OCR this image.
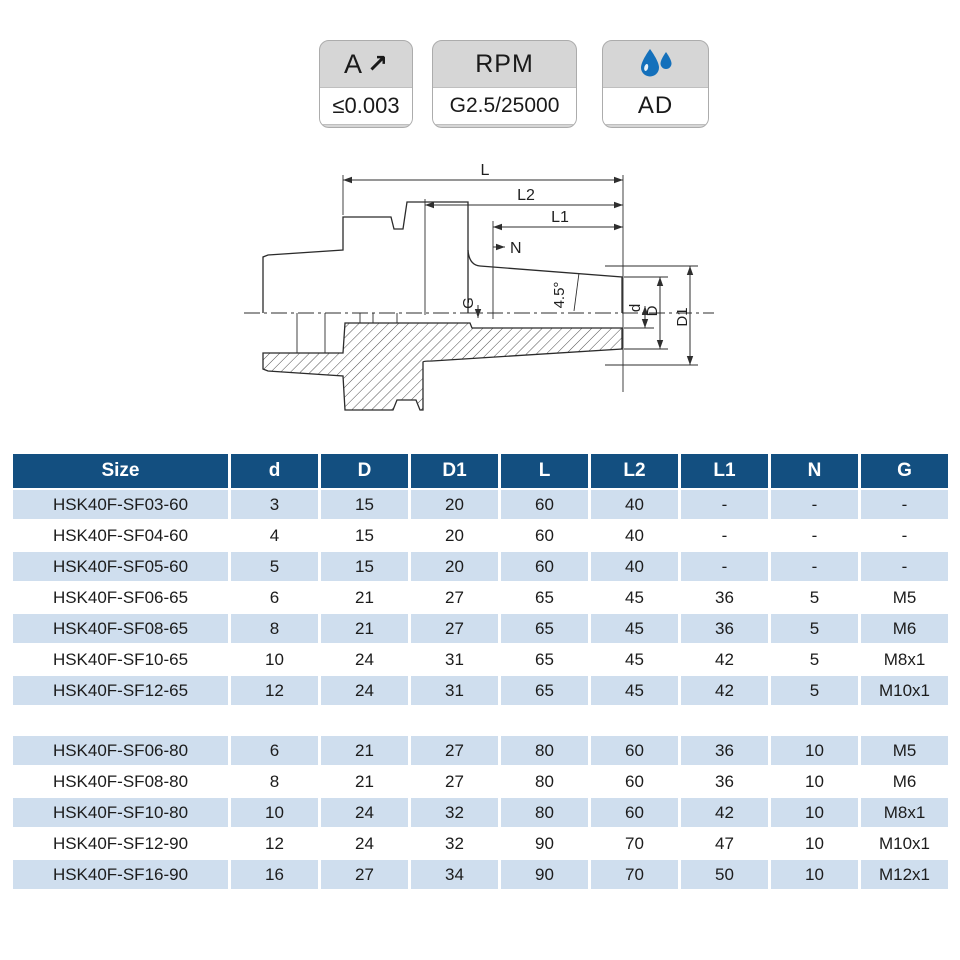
A ↗
≤0.003
RPM
G2.5/25000	AD
L
L2
L1
N
G	4.5°	d D D1
Size	d	D	D1	L	L2	L1	N	G
HSK40F-SF03-60	3	15	20	60	40	-	-	-
HSK40F-SF04-60	4	15	20	60	40	-	-	-
HSK40F-SF05-60	5	15	20	60	40	-	-	-
HSK40F-SF06-65	6	21	27	65	45	36	5	M5
HSK40F-SF08-65	8	21	27	65	45	36	5	M6
HSK40F-SF10-65	10	24	31	65	45	42	5	M8x1
HSK40F-SF12-65	12	24	31	65	45	42	5	M10x1

HSK40F-SF06-80	6	21	27	80	60	36	10	M5
HSK40F-SF08-80	8	21	27	80	60	36	10	M6
HSK40F-SF10-80	10	24	32	80	60	42	10	M8x1
HSK40F-SF12-90	12	24	32	90	70	47	10	M10x1
HSK40F-SF16-90	16	27	34	90	70	50	10	M12x1
